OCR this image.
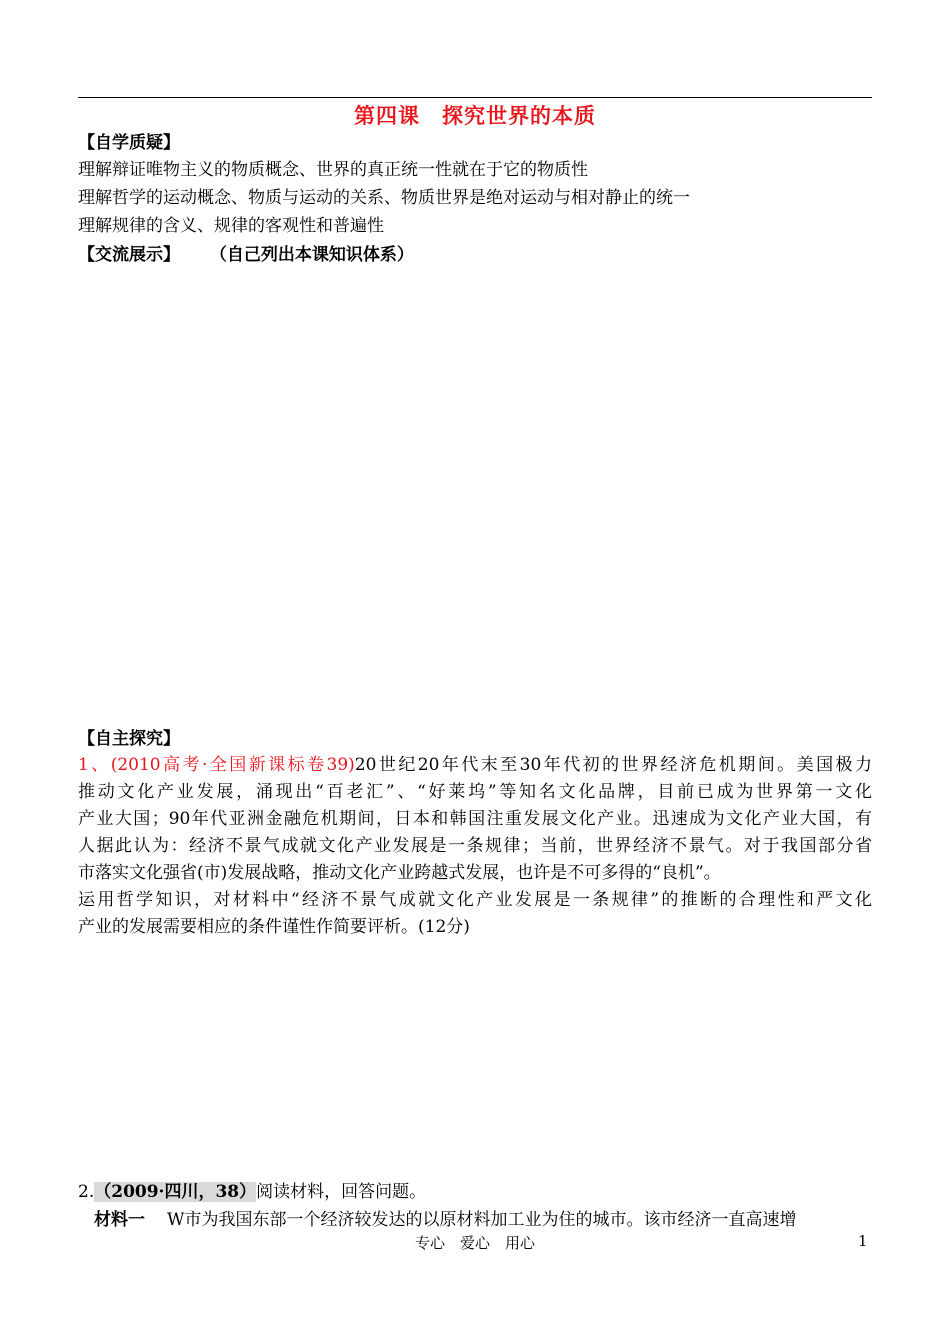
第四课　探究世界的本质
【自学质疑】
理解辩证唯物主义的物质概念、世界的真正统一性就在于它的物质性
理解哲学的运动概念、物质与运动的关系、物质世界是绝对运动与相对静止的统一
理解规律的含义、规律的客观性和普遍性
【交流展示】 （自己列出本课知识体系）
【自主探究】
1、(2010高考·全国新课标卷39)20世纪20年代末至30年代初的世界经济危机期间。美国极力
推动文化产业发展，涌现出“百老汇”、“好莱坞”等知名文化品牌，目前已成为世界第一文化
产业大国；90年代亚洲金融危机期间，日本和韩国注重发展文化产业。迅速成为文化产业大国，有
人据此认为：经济不景气成就文化产业发展是一条规律；当前，世界经济不景气。对于我国部分省
市落实文化强省(市)发展战略，推动文化产业跨越式发展，也许是不可多得的“良机”。
运用哲学知识，对材料中“经济不景气成就文化产业发展是一条规律”的推断的合理性和严文化
产业的发展需要相应的条件谨性作简要评析。(12分)
2.（2009·四川，38）阅读材料，回答问题。
材料一 W市为我国东部一个经济较发达的以原材料加工业为住的城市。该市经济一直高速增
专心　爱心　用心	1
